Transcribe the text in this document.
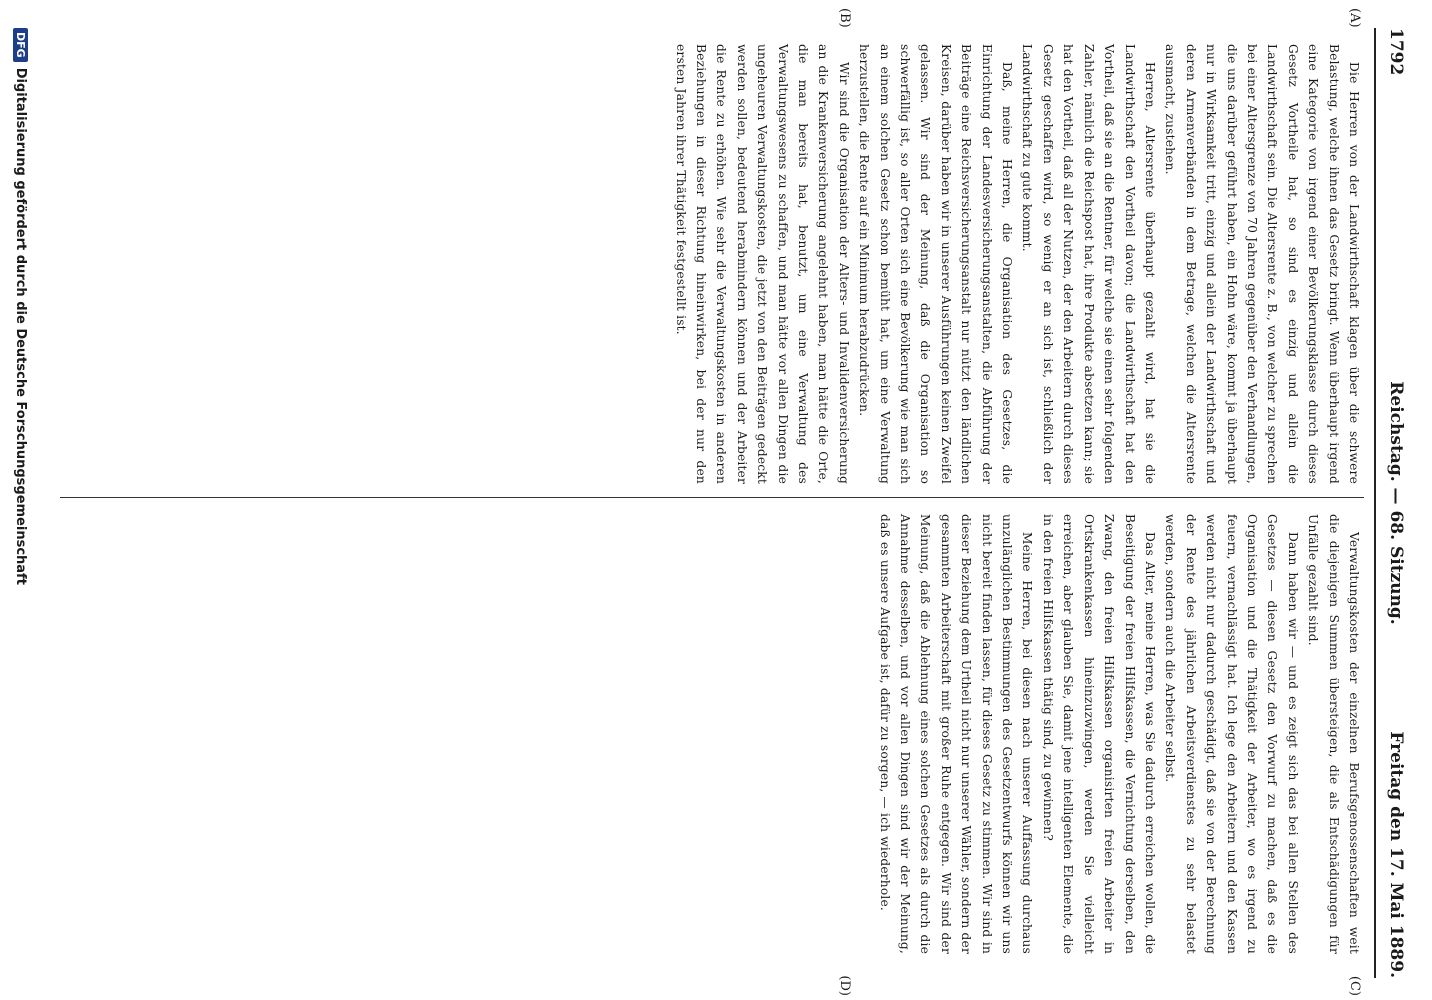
1792
Reichstag. — 68. Sitzung.
Freitag den 17. Mai 1889.
(A)
(B)
(C)
(D)

Die Herren von der Landwirthschaft klagen über die schwere Belastung, welche ihnen das Gesetz bringt. Wenn überhaupt irgend eine Kategorie von irgend einer Bevölkerungsklasse durch dieses Gesetz Vortheile hat, so sind es einzig und allein die Landwirthschaft sein. Die Altersrente z. B., von welcher zu sprechen bei einer Altersgrenze von 70 Jahren gegenüber den Verhandlungen, die uns darüber geführt haben, ein Hohn wäre, kommt ja überhaupt nur in Wirksamkeit tritt, einzig und allein der Landwirthschaft und deren Armenverbänden in dem Betrage, welchen die Altersrente ausmacht, zustehen.

Herren, Altersrente überhaupt gezahlt wird, hat sie die Landwirthschaft den Vortheil davon; die Landwirthschaft hat den Vortheil, daß sie an die Rentner, für welche sie einen sehr folgenden Zahler, nämlich die Reichspost hat, ihre Produkte absetzen kann; sie hat den Vortheil, daß all der Nutzen, der den Arbeitern durch dieses Gesetz geschaffen wird, so wenig er an sich ist, schließlich der Landwirthschaft zu gute kommt.

Daß, meine Herren, die Organisation des Gesetzes, die Einrichtung der Landesversicherungsanstalten, die Abführung der Beiträge eine Reichsversicherungsanstalt nur nützt den ländlichen Kreisen, darüber haben wir in unserer Ausführungen keinen Zweifel gelassen. Wir sind der Meinung, daß die Organisation so schwerfällig ist, so aller Orten sich eine Bevölkerung wie man sich an einem solchen Gesetz schon bemüht hat, um eine Verwaltung herzustellen, die Rente auf ein Minimum herabzudrücken.

Wir sind die Organisation der Alters- und Invalidenversicherung an die Krankenversicherung angelehnt haben, man hätte die Orte, die man bereits hat, benutzt, um eine Verwaltung des Verwaltungswesens zu schaffen, und man hätte vor allen Dingen die ungeheuren Verwaltungskosten, die jetzt von den Beiträgen gedeckt werden sollen, bedeutend herabmindern können und der Arbeiter die Rente zu erhöhen. Wie sehr die Verwaltungskosten in anderen Beziehungen in dieser Richtung hineinwirken, bei der nur den ersten Jahren ihrer Thätigkeit festgestellt ist.

Verwaltungskosten der einzelnen Berufsgenossenschaften weit die diejenigen Summen übersteigen, die als Entschädigungen für Unfälle gezahlt sind.

Dann haben wir — und es zeigt sich das bei allen Stellen des Gesetzes — diesen Gesetz den Vorwurf zu machen, daß es die Organisation und die Thätigkeit der Arbeiter, wo es irgend zu feuern, vernachlässigt hat. Ich lege den Arbeitern und den Kassen werden nicht nur dadurch geschädigt, daß sie von der Berechnung der Rente des jährlichen Arbeitsverdienstes zu sehr belastet werden, sondern auch die Arbeiter selbst.

Das Alter, meine Herren, was Sie dadurch erreichen wollen, die Beseitigung der freien Hilfskassen, die Vernichtung derselben, den Zwang, den freien Hilfskassen organisirten freien Arbeiter in Ortskrankenkassen hineinzuzwingen, werden Sie vielleicht erreichen, aber glauben Sie, damit jene intelligenten Elemente, die in den freien Hilfskassen thätig sind, zu gewinnen?

Meine Herren, bei diesen nach unserer Auffassung durchaus unzulänglichen Bestimmungen des Gesetzentwurfs können wir uns nicht bereit finden lassen, für dieses Gesetz zu stimmen. Wir sind in dieser Beziehung dem Urtheil nicht nur unserer Wähler, sondern der gesammten Arbeiterschaft mit großer Ruhe entgegen. Wir sind der Meinung, daß die Ablehnung eines solchen Gesetzes als durch die Annahme desselben, und vor allen Dingen sind wir der Meinung, daß es unsere Aufgabe ist, dafür zu sorgen, — ich wiederhole.

DFG
Digitalisierung gefördert durch die Deutsche Forschungsgemeinschaft
